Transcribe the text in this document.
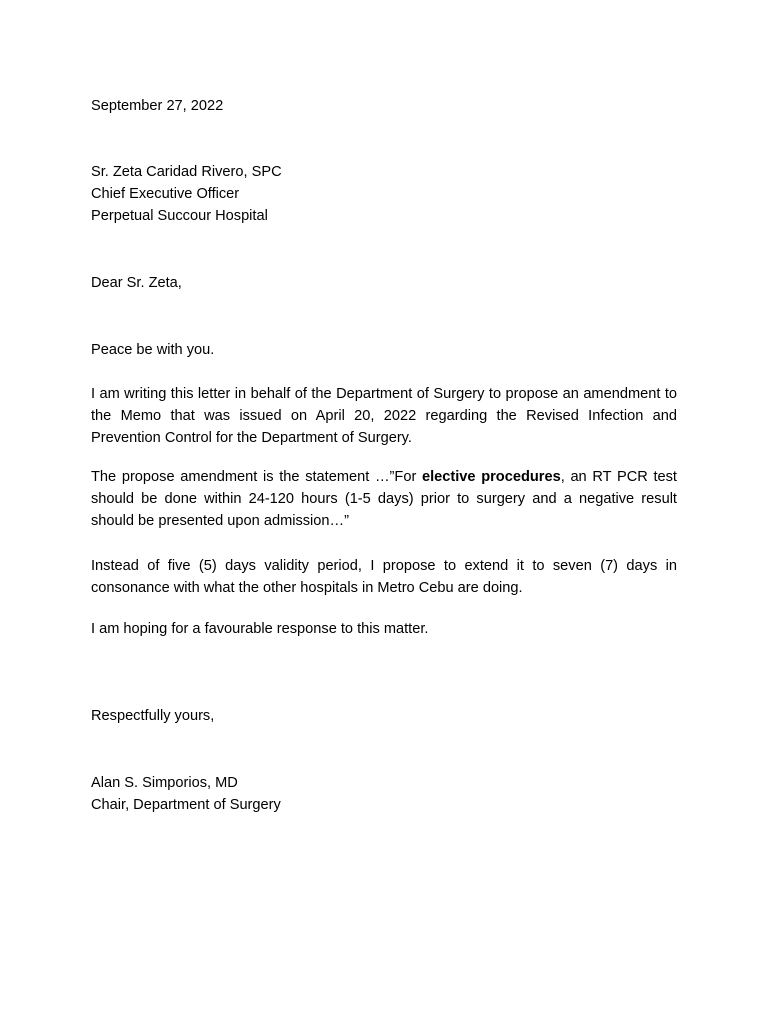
September 27, 2022

Sr. Zeta Caridad Rivero, SPC
Chief Executive Officer
Perpetual Succour Hospital

Dear Sr. Zeta,

Peace be with you.

I am writing this letter in behalf of the Department of Surgery to propose an amendment to the Memo that was issued on April 20, 2022 regarding the Revised Infection and Prevention Control for the Department of Surgery.

The propose amendment is the statement …”For elective procedures, an RT PCR test should be done within 24-120 hours (1-5 days) prior to surgery and a negative result should be presented upon admission…”

Instead of five (5) days validity period, I propose to extend it to seven (7) days in consonance with what the other hospitals in Metro Cebu are doing.

I am hoping for a favourable response to this matter.

Respectfully yours,

Alan S. Simporios, MD
Chair, Department of Surgery
